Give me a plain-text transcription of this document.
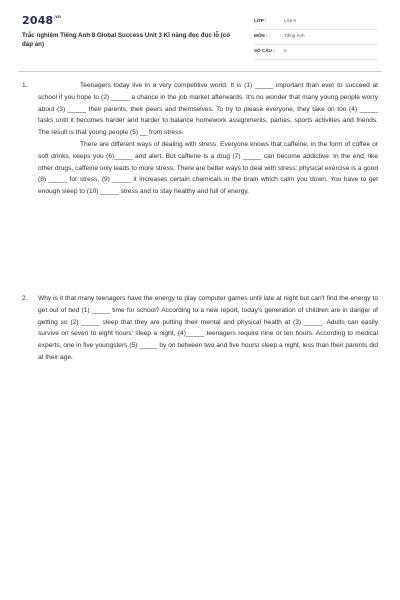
$2048^{.vn}$
Trắc nghiệm Tiếng Anh 8 Global Success Unit 3 Kĩ năng đọc đục lỗ (có đáp án)
LỚP :	Lớp 8
MÔN :	Tiếng Anh
SỐ CÂU : 2
1.	Teenagers today live in a very competitive world. It is (1) _____ important than ever to succeed at school if you hope to (2) _____ a chance in the job market afterwards. It's no wonder that many young people worry about (3) _____ their parents, their peers and themselves. To try to please everyone, they take on too (4) _____ tasks until it becomes harder and harder to balance homework assignments, parties, sports activities and friends. The result is that young people (5) __ from stress.

There are different ways of dealing with stress. Everyone knows that caffeine, in the form of coffee or soft drinks, keeps you (6)_____ and alert. But caffeine is a drug (7) _____ can become addictive. In the end, like other drugs, caffeine only leads to more stress. There are better ways to deal with stress: physical exercise is a good (8) _____ for stress, (9) _____ it increases certain chemicals in the brain which calm you down. You have to get enough sleep to (10) _____ stress and to stay healthy and full of energy.

2.	Why is it that many teenagers have the energy to play computer games until late at night but can't find the energy to get out of bed (1) _____ time for school? According to a new report, today's generation of children are in danger of getting so (2) _____ sleep that they are putting their mental and physical health at (3) _____. Adults can easily survive on seven to eight hours' sleep a night, (4)_____ teenagers require nine or ten hours. According to medical experts, one in five youngsters (5) _____ by on between two and five hours/ sleep a night, less than their parents did at their age.
